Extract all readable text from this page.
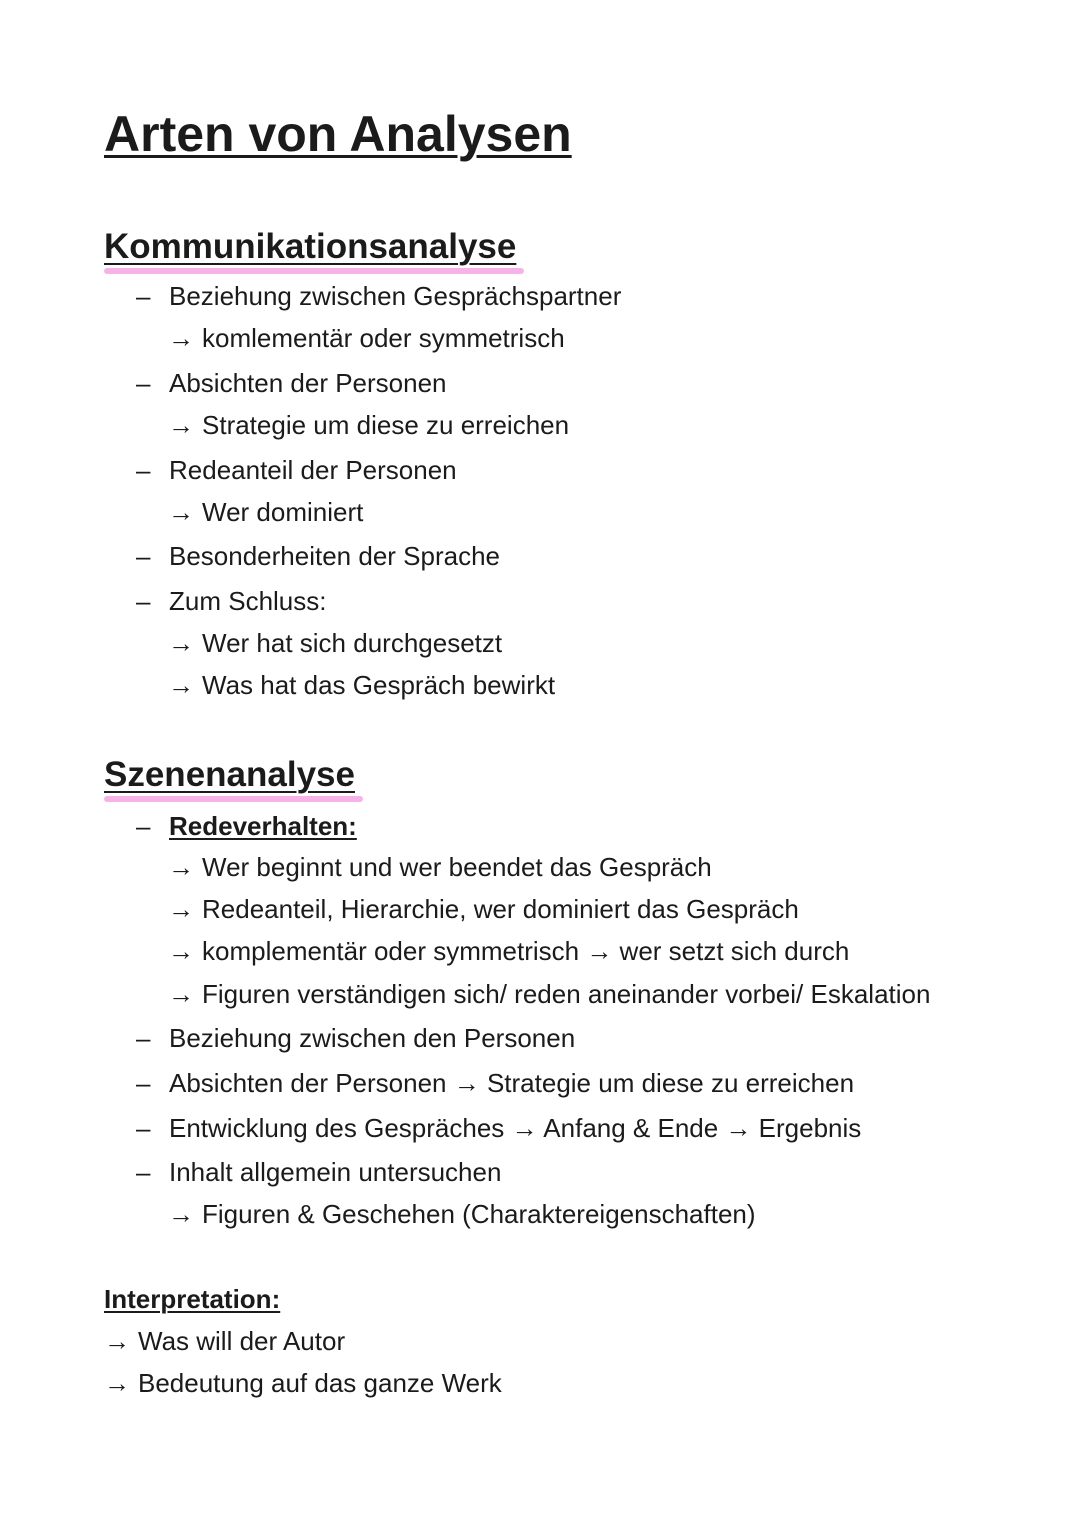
Arten von Analysen
Kommunikationsanalyse
– Beziehung zwischen Gesprächspartner
→ komlementär oder symmetrisch
– Absichten der Personen
→ Strategie um diese zu erreichen
– Redeanteil der Personen
→ Wer dominiert
– Besonderheiten der Sprache
– Zum Schluss:
→ Wer hat sich durchgesetzt
→ Was hat das Gespräch bewirkt
Szenenanalyse
– Redeverhalten:
→ Wer beginnt und wer beendet das Gespräch
→ Redeanteil, Hierarchie, wer dominiert das Gespräch
→ komplementär oder symmetrisch → wer setzt sich durch
→ Figuren verständigen sich/ reden aneinander vorbei/ Eskalation
– Beziehung zwischen den Personen
– Absichten der Personen → Strategie um diese zu erreichen
– Entwicklung des Gespräches → Anfang & Ende → Ergebnis
– Inhalt allgemein untersuchen
→ Figuren & Geschehen (Charaktereigenschaften)
Interpretation:
→ Was will der Autor
→ Bedeutung auf das ganze Werk
